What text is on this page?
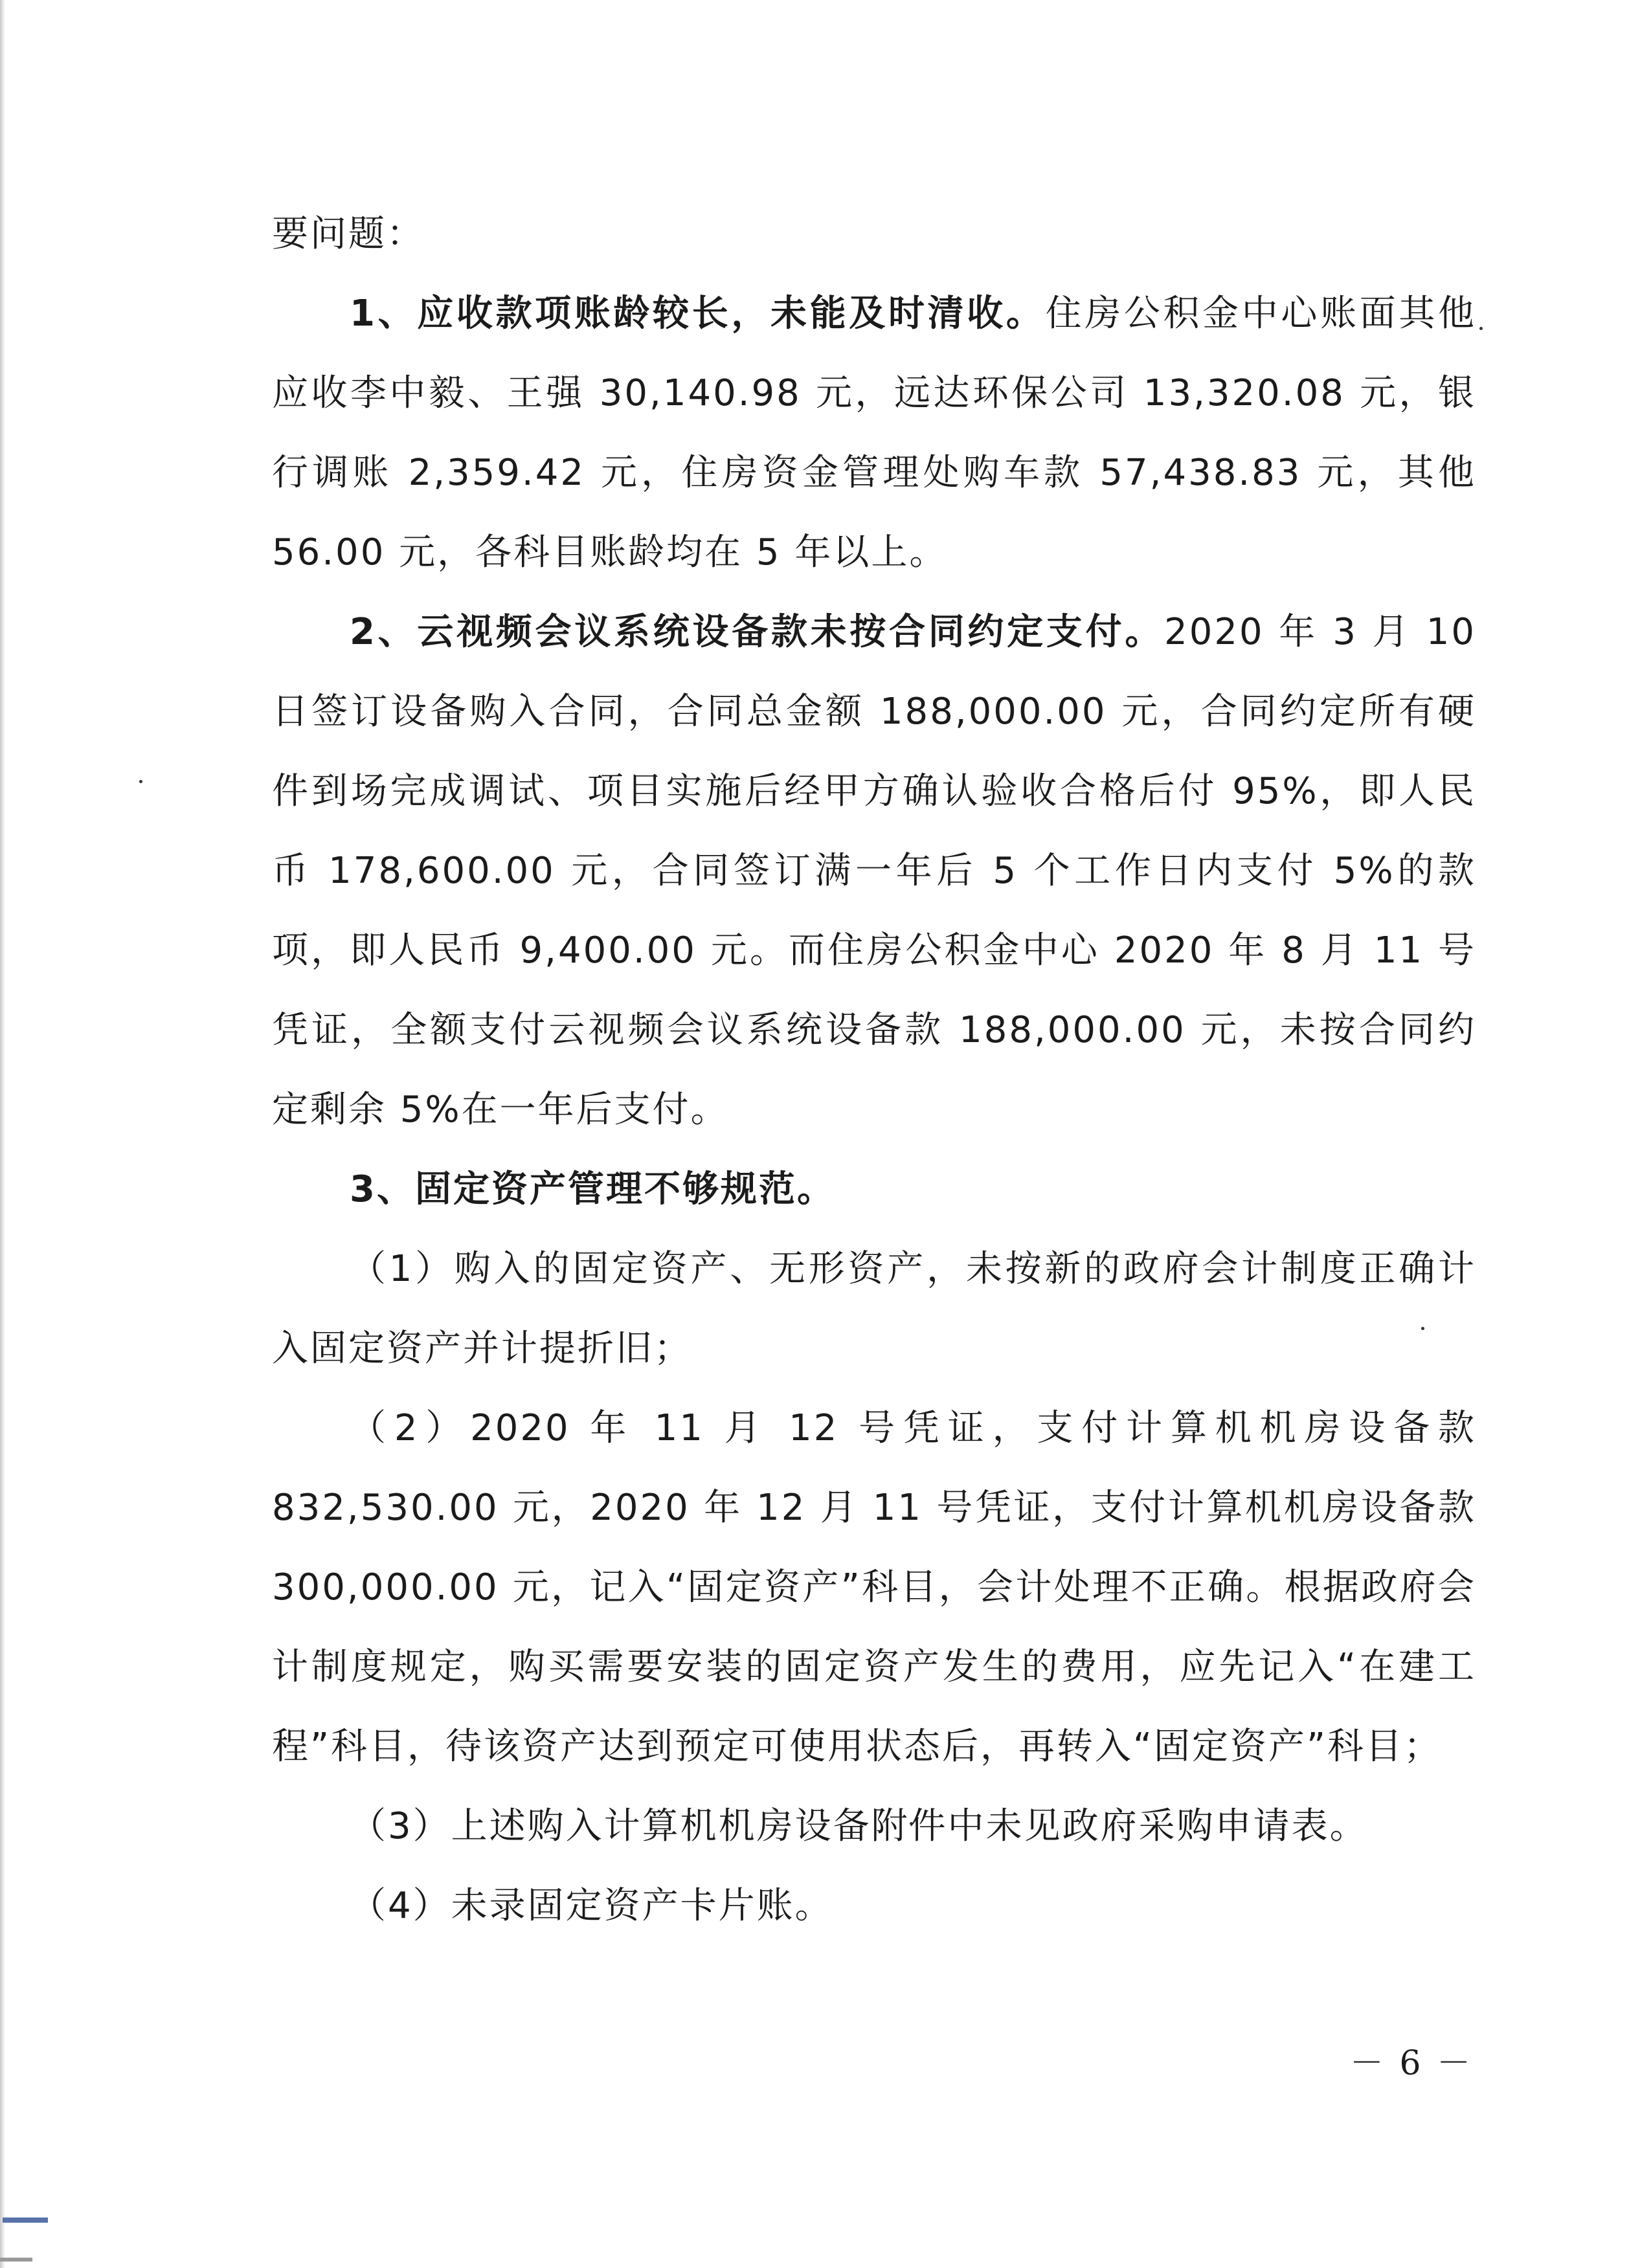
要问题：

1、应收款项账龄较长，未能及时清收。住房公积金中心账面其他应收李中毅、王强 30,140.98 元，远达环保公司 13,320.08 元，银行调账 2,359.42 元，住房资金管理处购车款 57,438.83 元，其他 56.00 元，各科目账龄均在 5 年以上。

2、云视频会议系统设备款未按合同约定支付。2020 年 3 月 10 日签订设备购入合同，合同总金额 188,000.00 元，合同约定所有硬件到场完成调试、项目实施后经甲方确认验收合格后付 95%，即人民币 178,600.00 元，合同签订满一年后 5 个工作日内支付 5%的款项，即人民币 9,400.00 元。而住房公积金中心 2020 年 8 月 11 号凭证，全额支付云视频会议系统设备款 188,000.00 元，未按合同约定剩余 5%在一年后支付。

3、固定资产管理不够规范。

（1）购入的固定资产、无形资产，未按新的政府会计制度正确计入固定资产并计提折旧；

（2）2020 年 11 月 12 号凭证，支付计算机机房设备款 832,530.00 元，2020 年 12 月 11 号凭证，支付计算机机房设备款 300,000.00 元，记入“固定资产”科目，会计处理不正确。根据政府会计制度规定，购买需要安装的固定资产发生的费用，应先记入“在建工程”科目，待该资产达到预定可使用状态后，再转入“固定资产”科目；

（3）上述购入计算机机房设备附件中未见政府采购申请表。

（4）未录固定资产卡片账。

－ 6 －
